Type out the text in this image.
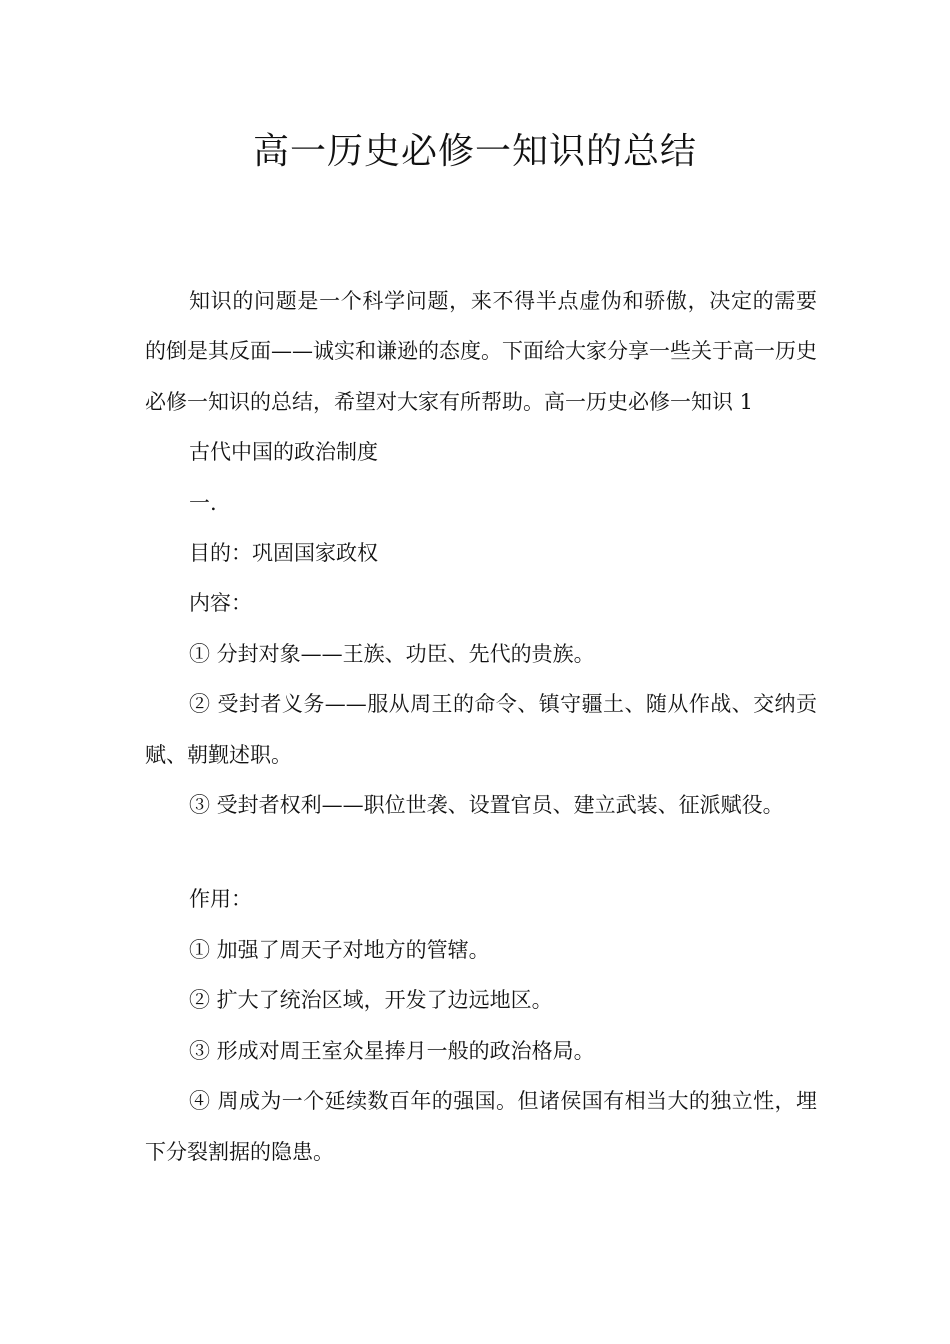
高一历史必修一知识的总结

知识的问题是一个科学问题，来不得半点虚伪和骄傲，决定的需要的倒是其反面——诚实和谦逊的态度。下面给大家分享一些关于高一历史必修一知识的总结，希望对大家有所帮助。高一历史必修一知识 1

古代中国的政治制度

一.

目的：巩固国家政权

内容：

① 分封对象——王族、功臣、先代的贵族。

② 受封者义务——服从周王的命令、镇守疆土、随从作战、交纳贡赋、朝觐述职。

③ 受封者权利——职位世袭、设置官员、建立武装、征派赋役。

作用：

① 加强了周天子对地方的管辖。

② 扩大了统治区域，开发了边远地区。

③ 形成对周王室众星捧月一般的政治格局。

④ 周成为一个延续数百年的强国。但诸侯国有相当大的独立性，埋下分裂割据的隐患。
